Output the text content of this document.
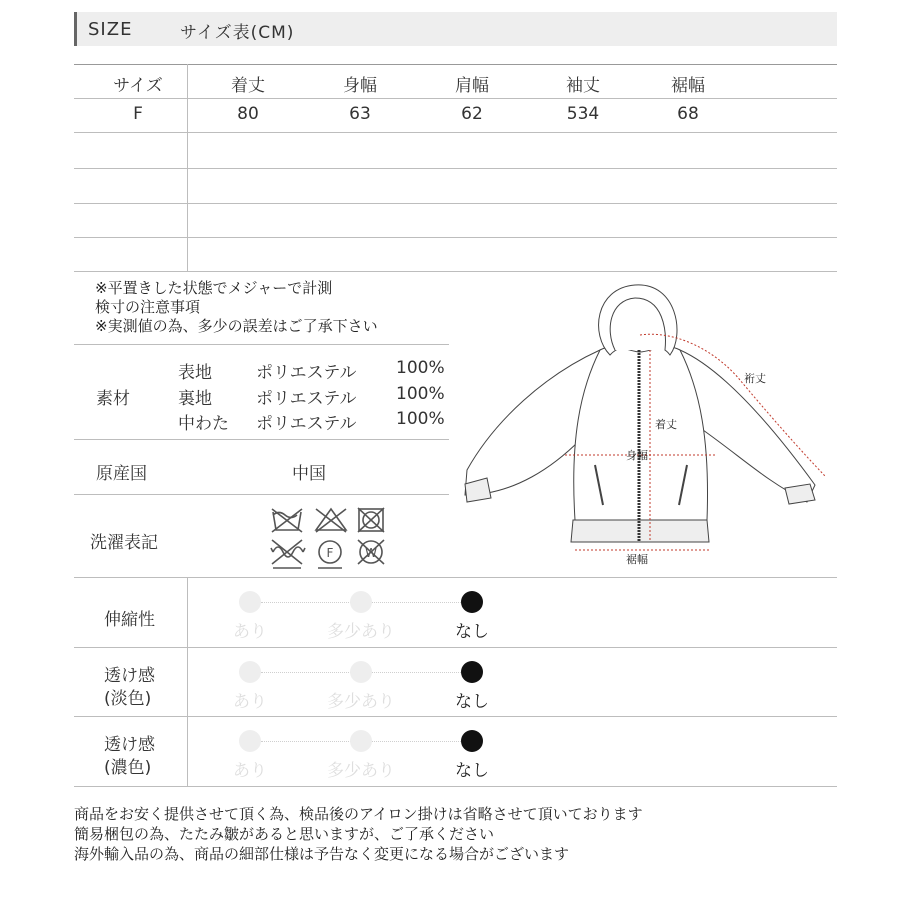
SIZE	サイズ表(CM)
サイズ	着丈	身幅	肩幅	袖丈	裾幅
F	80	63	62	534	68
※平置きした状態でメジャーで計測
検寸の注意事項
※実測値の為、多少の誤差はご了承下さい
素材
表地	ポリエステル 100%
裏地	ポリエステル 100%
中わた ポリエステル 100%
原産国	中国
洗濯表記	F	W
裄丈
着丈
身幅
裾幅
伸縮性
あり	多少あり	なし
透け感
(淡色)	あり	多少あり	なし
透け感
(濃色)	あり	多少あり	なし
商品をお安く提供させて頂く為、検品後のアイロン掛けは省略させて頂いております
簡易梱包の為、たたみ皺があると思いますが、ご了承ください
海外輸入品の為、商品の細部仕様は予告なく変更になる場合がございます
